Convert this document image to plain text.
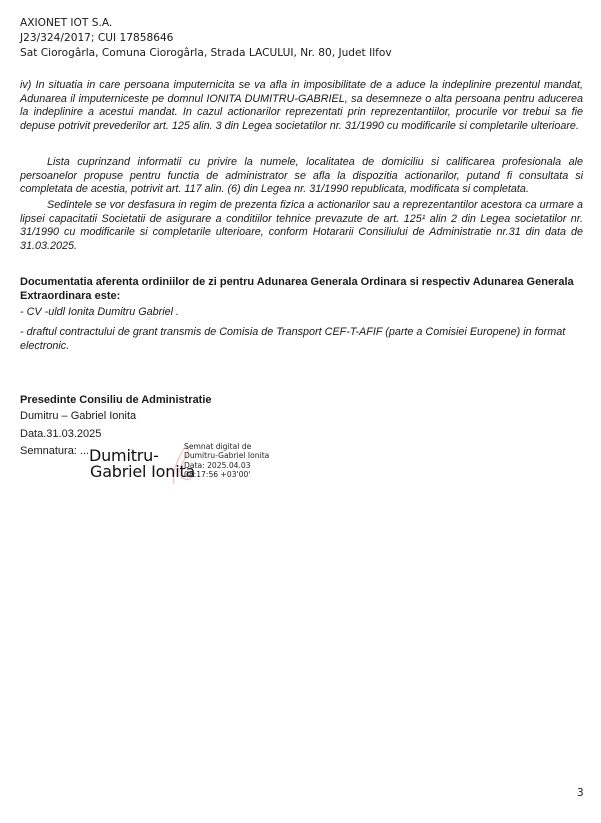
AXIONET IOT S.A.
J23/324/2017; CUI 17858646
Sat Ciorogârla, Comuna Ciorogârla, Strada LACULUI, Nr. 80, Judet Ilfov

iv) In situatia in care persoana imputernicita se va afla in imposibilitate de a aduce la indeplinire prezentul mandat, Adunarea il imputerniceste pe domnul IONITA DUMITRU-GABRIEL, sa desemneze o alta persoana pentru aducerea la indeplinire a acestui mandat. In cazul actionarilor reprezentati prin reprezentantiilor, procurile vor trebui sa fie depuse potrivit prevederilor art. 125 alin. 3 din Legea societatilor nr. 31/1990 cu modificarile si completarile ulterioare.

Lista cuprinzand informatii cu privire la numele, localitatea de domiciliu si calificarea profesionala ale persoanelor propuse pentru functia de administrator se afla la dispozitia actionarilor, putand fi consultata si completata de acestia, potrivit art. 117 alin. (6) din Legea nr. 31/1990 republicata, modificata si completata.

Sedintele se vor desfasura in regim de prezenta fizica a actionarilor sau a reprezentantilor acestora ca urmare a lipsei capacitatii Societatii de asigurare a conditiilor tehnice prevazute de art. 125¹ alin 2 din Legea societatilor nr. 31/1990 cu modificarile si completarile ulterioare, conform Hotararii Consiliului de Administratie nr.31 din data de 31.03.2025.

Documentatia aferenta ordiniilor de zi pentru Adunarea Generala Ordinara si respectiv Adunarea Generala Extraordinara este:
- CV -uldl Ionita Dumitru Gabriel .
- draftul contractului de grant transmis de Comisia de Transport CEF-T-AFIF (parte a Comisiei Europene) in format electronic.
Presedinte Consiliu de Administratie
Dumitru – Gabriel Ionita
Data.31.03.2025
Semnatura: ... Dumitru-
Gabriel Ionita
Semnat digital de
Dumitru-Gabriel Ionita
Data: 2025.04.03
08:17:56 +03'00'
3
